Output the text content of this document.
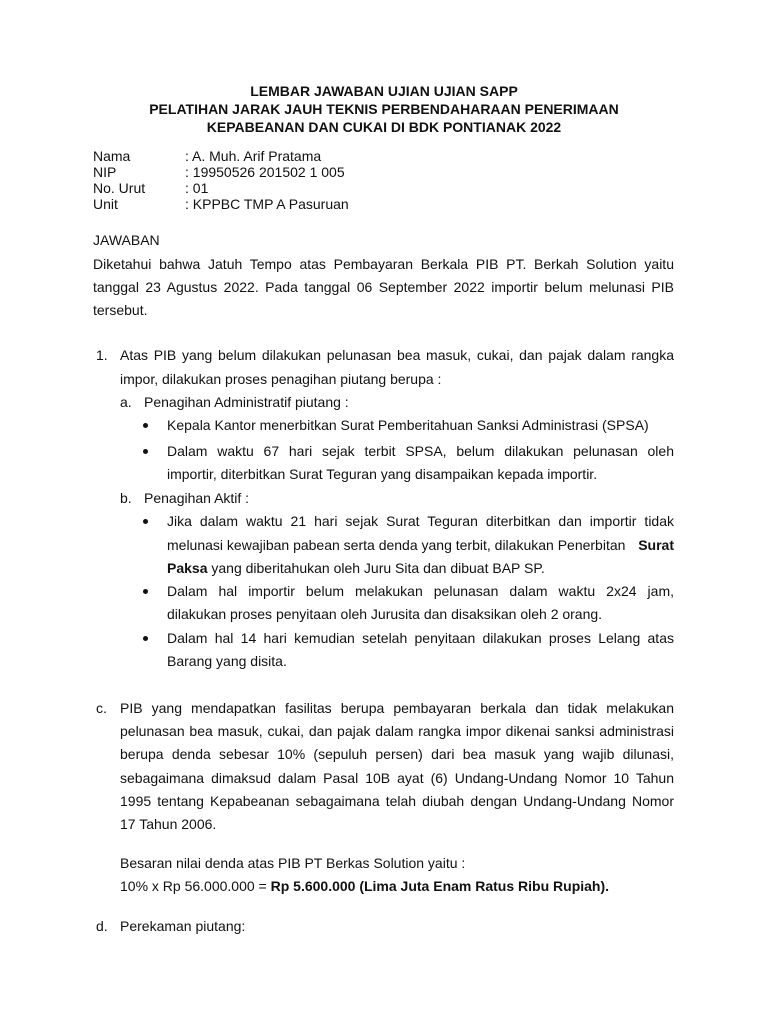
LEMBAR JAWABAN UJIAN UJIAN SAPP
PELATIHAN JARAK JAUH TEKNIS PERBENDAHARAAN PENERIMAAN
KEPABEANAN DAN CUKAI DI BDK PONTIANAK 2022
Nama	: A. Muh. Arif Pratama
NIP	: 19950526 201502 1 005
No. Urut	: 01
Unit	: KPPBC TMP A Pasuruan
JAWABAN
Diketahui bahwa Jatuh Tempo atas Pembayaran Berkala PIB PT. Berkah Solution yaitu
tanggal 23 Agustus 2022. Pada tanggal 06 September 2022 importir belum melunasi PIB
tersebut.
1. Atas PIB yang belum dilakukan pelunasan bea masuk, cukai, dan pajak dalam rangka
impor, dilakukan proses penagihan piutang berupa :
a. Penagihan Administratif piutang :
Kepala Kantor menerbitkan Surat Pemberitahuan Sanksi Administrasi (SPSA)
Dalam waktu 67 hari sejak terbit SPSA, belum dilakukan pelunasan oleh
importir, diterbitkan Surat Teguran yang disampaikan kepada importir.
b. Penagihan Aktif :
Jika dalam waktu 21 hari sejak Surat Teguran diterbitkan dan importir tidak
melunasi kewajiban pabean serta denda yang terbit, dilakukan Penerbitan Surat
Paksa yang diberitahukan oleh Juru Sita dan dibuat BAP SP.
Dalam hal importir belum melakukan pelunasan dalam waktu 2x24 jam,
dilakukan proses penyitaan oleh Jurusita dan disaksikan oleh 2 orang.
Dalam hal 14 hari kemudian setelah penyitaan dilakukan proses Lelang atas
Barang yang disita.
c. PIB yang mendapatkan fasilitas berupa pembayaran berkala dan tidak melakukan
pelunasan bea masuk, cukai, dan pajak dalam rangka impor dikenai sanksi administrasi
berupa denda sebesar 10% (sepuluh persen) dari bea masuk yang wajib dilunasi,
sebagaimana dimaksud dalam Pasal 10B ayat (6) Undang-Undang Nomor 10 Tahun
1995 tentang Kepabeanan sebagaimana telah diubah dengan Undang-Undang Nomor
17 Tahun 2006.
Besaran nilai denda atas PIB PT Berkas Solution yaitu :
10% x Rp 56.000.000 = Rp 5.600.000 (Lima Juta Enam Ratus Ribu Rupiah).
d. Perekaman piutang:
